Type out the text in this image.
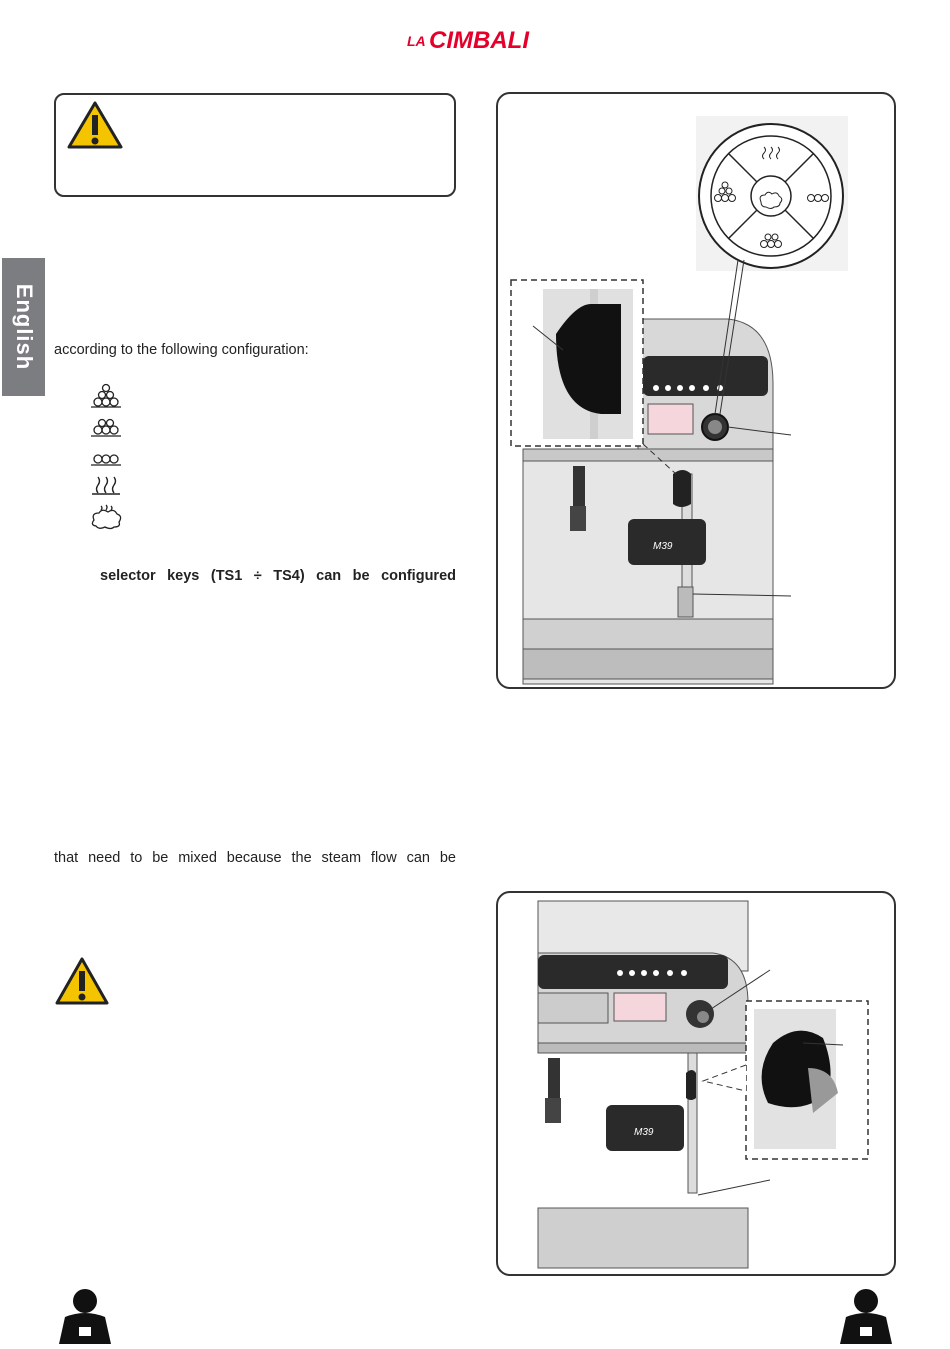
LA CIMBALI
English according to the following configuration:
selector keys (TS1 ÷ TS4) can be configured
that need to be mixed because the steam flow can be
M39
M39
